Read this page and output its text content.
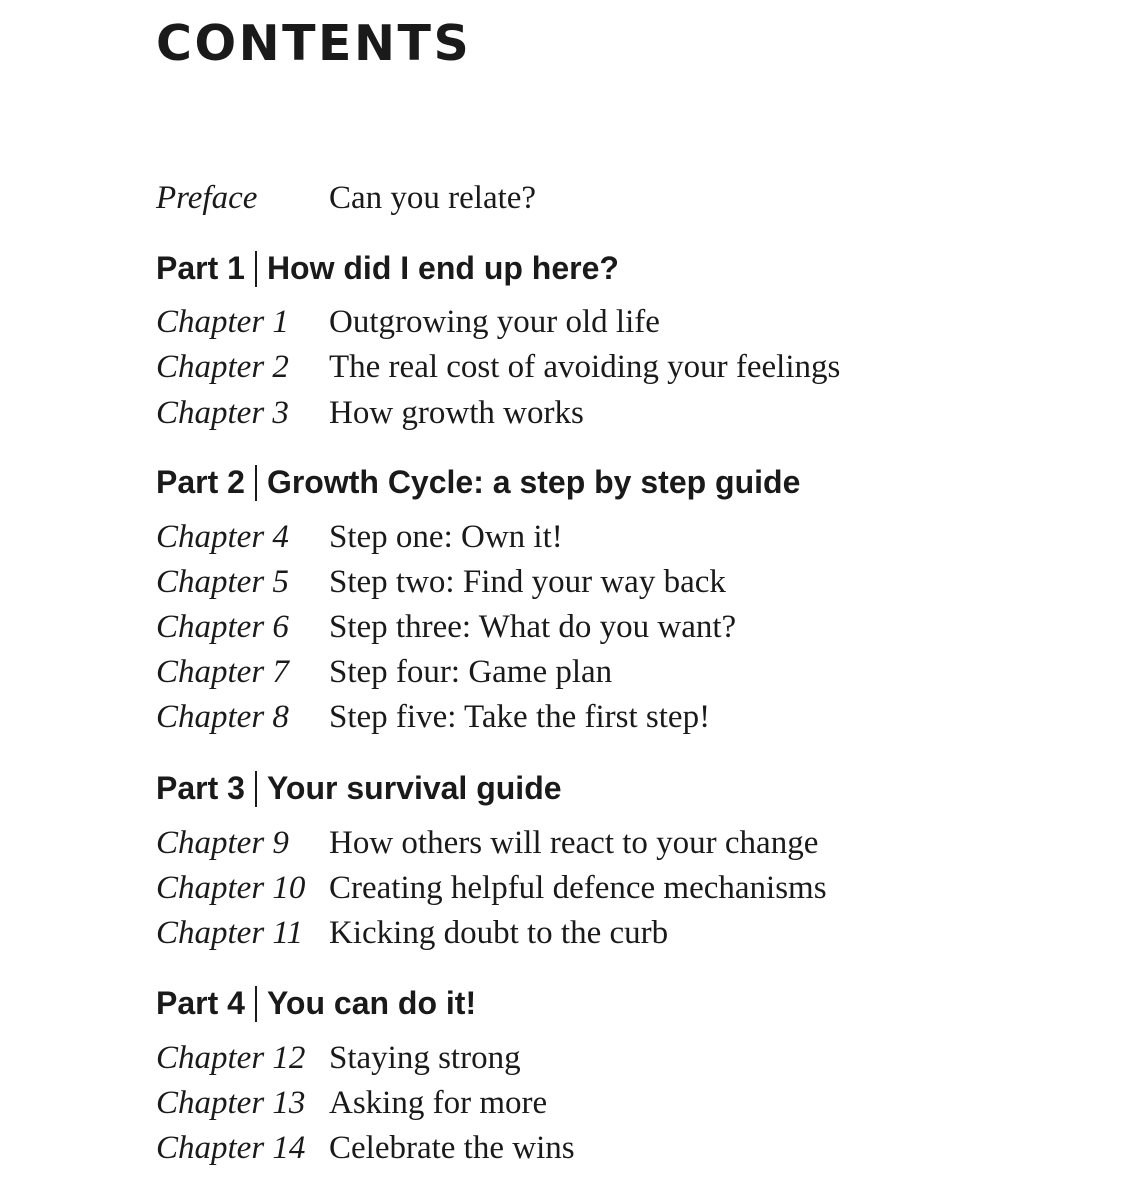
CONTENTS
Preface Can you relate?
Part 1 How did I end up here?
Chapter 1 Outgrowing your old life
Chapter 2 The real cost of avoiding your feelings
Chapter 3 How growth works
Part 2 Growth Cycle: a step by step guide
Chapter 4 Step one: Own it!
Chapter 5 Step two: Find your way back
Chapter 6 Step three: What do you want?
Chapter 7 Step four: Game plan
Chapter 8 Step five: Take the first step!
Part 3 Your survival guide
Chapter 9 How others will react to your change
Chapter 10 Creating helpful defence mechanisms
Chapter 11 Kicking doubt to the curb
Part 4 You can do it!
Chapter 12 Staying strong
Chapter 13 Asking for more
Chapter 14 Celebrate the wins
